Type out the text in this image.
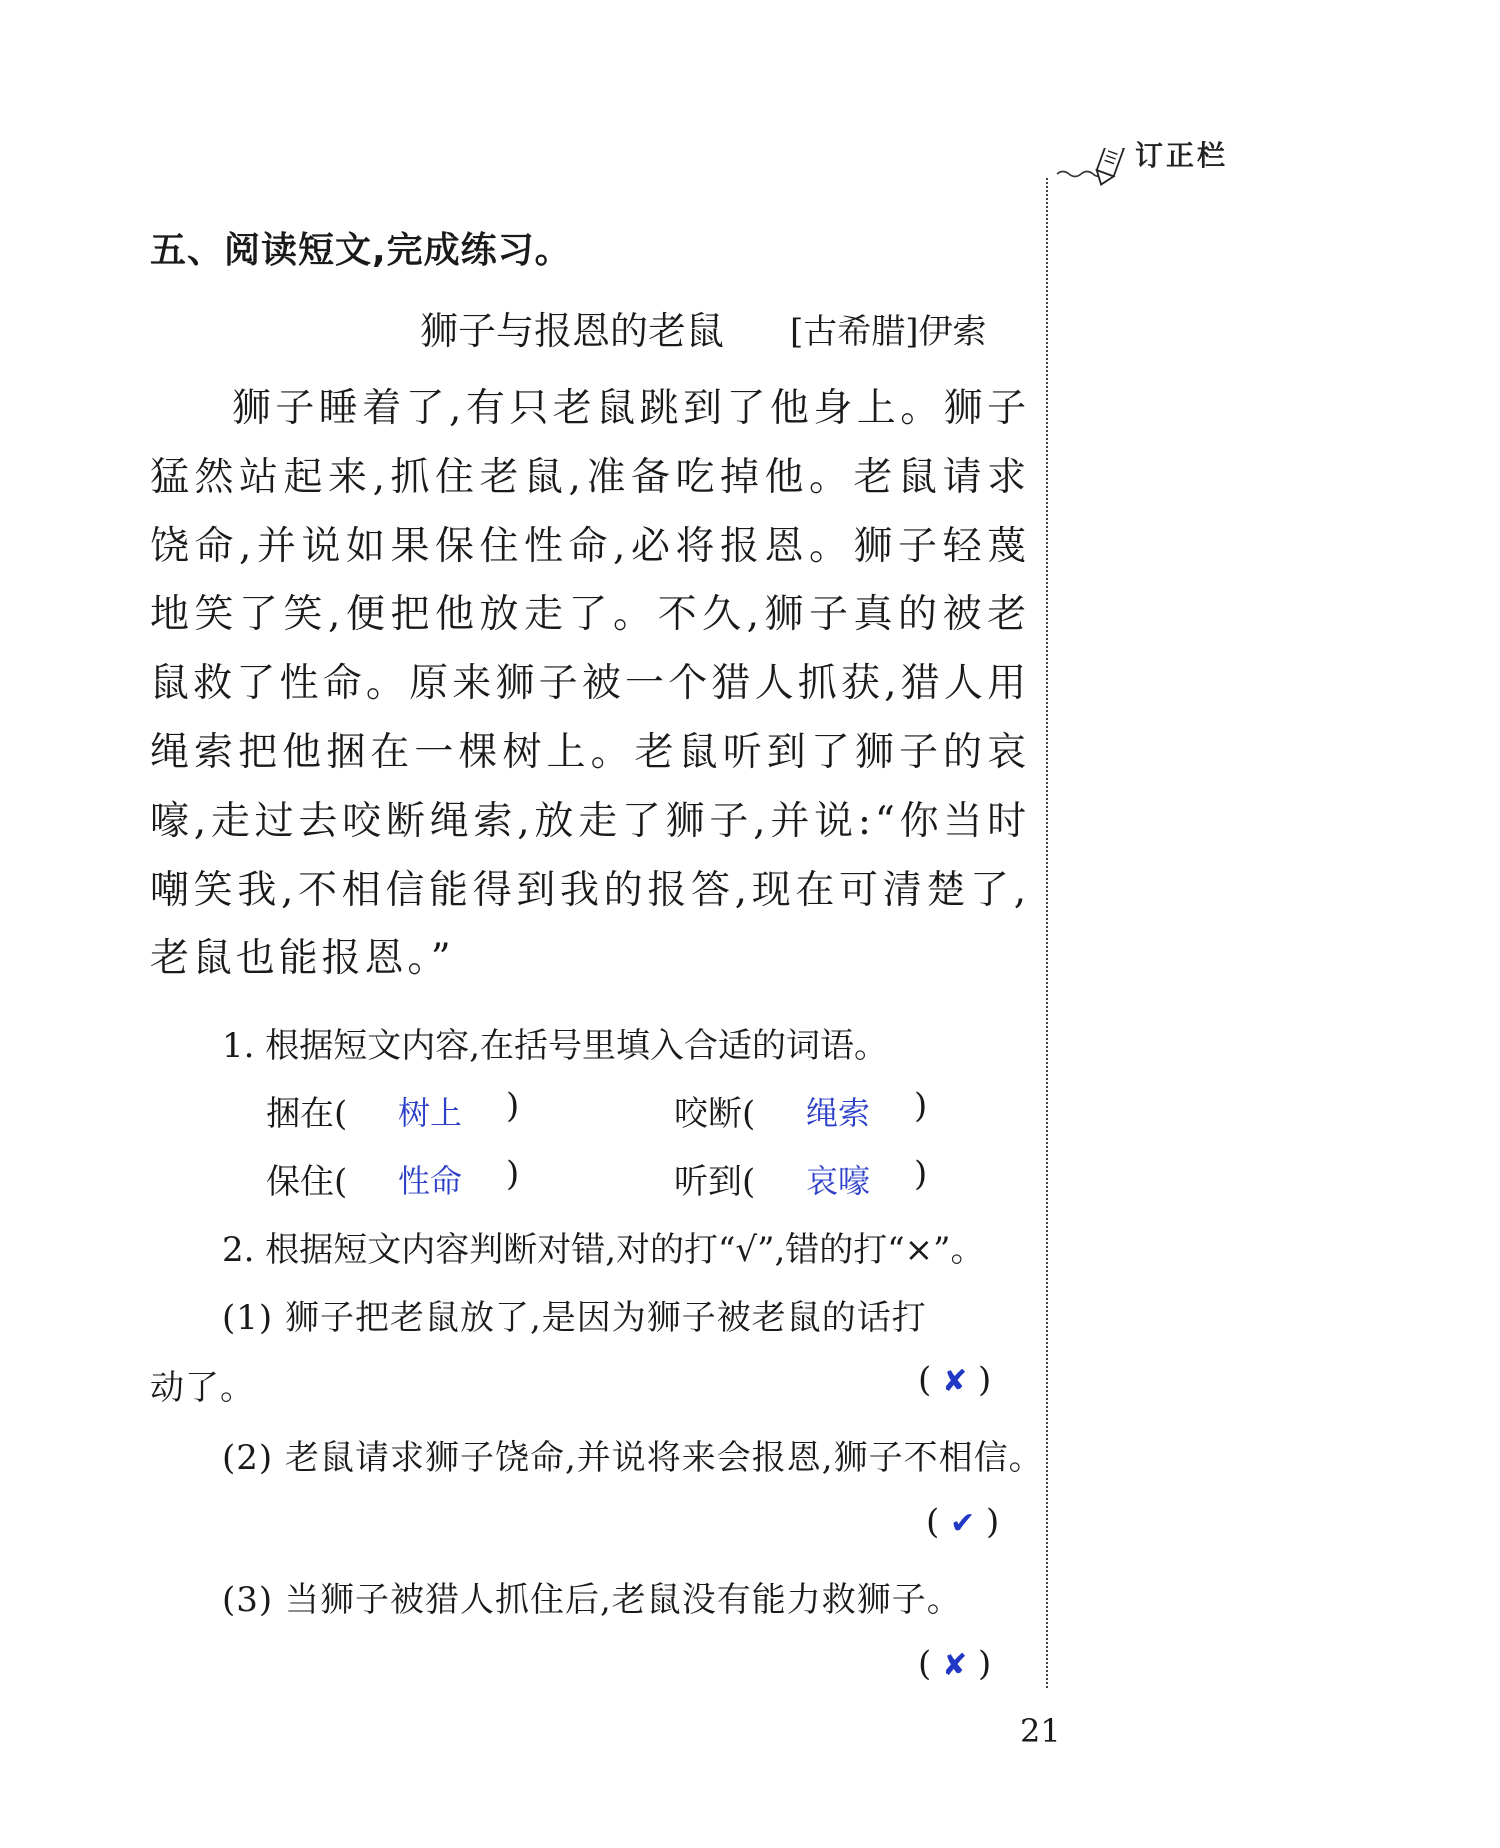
订正栏
五、阅读短文,完成练习。
狮子与报恩的老鼠 [古希腊]伊索
狮子睡着了,有只老鼠跳到了他身上。狮子猛然站起来,抓住老鼠,准备吃掉他。老鼠请求饶命,并说如果保住性命,必将报恩。狮子轻蔑地笑了笑,便把他放走了。不久,狮子真的被老鼠救了性命。原来狮子被一个猎人抓获,猎人用绳索把他捆在一棵树上。老鼠听到了狮子的哀嚎,走过去咬断绳索,放走了狮子,并说:“你当时嘲笑我,不相信能得到我的报答,现在可清楚了,老鼠也能报恩。”
1. 根据短文内容,在括号里填入合适的词语。
捆在( 树上 )	咬断( 绳索 )
保住( 性命 )	听到( 哀嚎 )
2. 根据短文内容判断对错,对的打“√”,错的打“×”。
(1) 狮子把老鼠放了,是因为狮子被老鼠的话打
动了。	( ✘ )
(2) 老鼠请求狮子饶命,并说将来会报恩,狮子不相信。
( ✔ )
(3) 当狮子被猎人抓住后,老鼠没有能力救狮子。
( ✘ )
21
